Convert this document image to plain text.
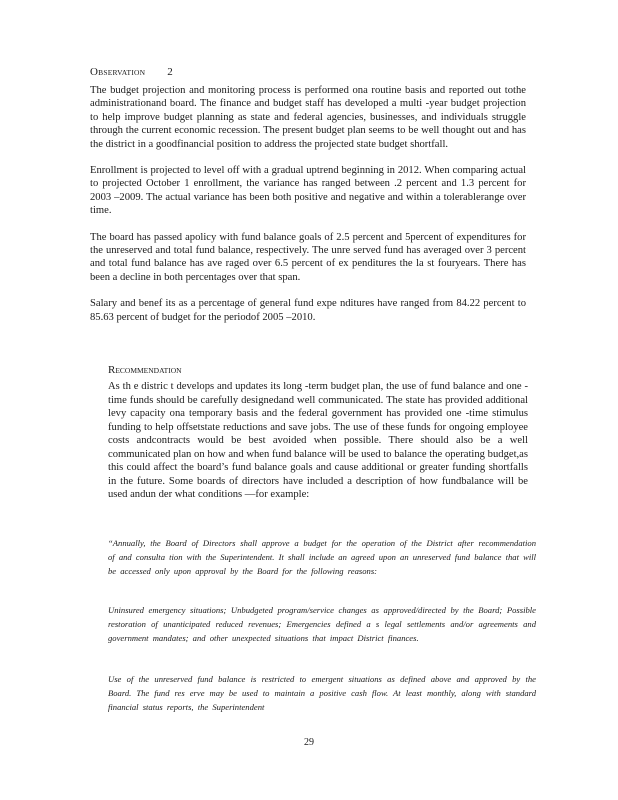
OBSERVATION 2

The budget projection and monitoring process is performed ona routine basis and reported out tothe administrationand board. The finance and budget staff has developed a multi -year budget projection to help improve budget planning as state and federal agencies, businesses, and individuals struggle through the current economic recession. The present budget plan seems to be well thought out and has the district in a goodfinancial position to address the projected state budget shortfall.

Enrollment is projected to level off with a gradual uptrend beginning in 2012. When comparing actual to projected October 1 enrollment, the variance has ranged between .2 percent and 1.3 percent for 2003 –2009. The actual variance has been both positive and negative and within a tolerablerange over time.

The board has passed apolicy with fund balance goals of 2.5 percent and 5percent of expenditures for the unreserved and total fund balance, respectively. The unre served fund has averaged over 3 percent and total fund balance has ave raged over 6.5 percent of ex penditures the la st fouryears. There has been a decline in both percentages over that span.

Salary and benef its as a percentage of general fund expe nditures have ranged from 84.22 percent to 85.63 percent of budget for the periodof 2005 –2010.

RECOMMENDATION

As th e distric t develops and updates its long -term budget plan, the use of fund balance and one -time funds should be carefully designedand well communicated. The state has provided additional levy capacity ona temporary basis and the federal government has provided one -time stimulus funding to help offsetstate reductions and save jobs. The use of these funds for ongoing employee costs andcontracts would be best avoided when possible. There should also be a well communicated plan on how and when fund balance will be used to balance the operating budget,as this could affect the board’s fund balance goals and cause additional or greater funding shortfalls in the future. Some boards of directors have included a description of how fundbalance will be used andun der what conditions —for example:

“Annually, the Board of Directors shall approve a budget for the operation of the District after recommendation of and consulta tion with the Superintendent. It shall include an agreed upon an unreserved fund balance that will be accessed only upon approval by the Board for the following reasons:
Uninsured emergency situations; Unbudgeted program/service changes as approved/directed by the Board; Possible restoration of unanticipated reduced revenues; Emergencies defined a s legal settlements and/or agreements and government mandates; and other unexpected situations that impact District finances.
Use of the unreserved fund balance is restricted to emergent situations as defined above and approved by the Board. The fund res erve may be used to maintain a positive cash flow. At least monthly, along with standard financial status reports, the Superintendent
29
